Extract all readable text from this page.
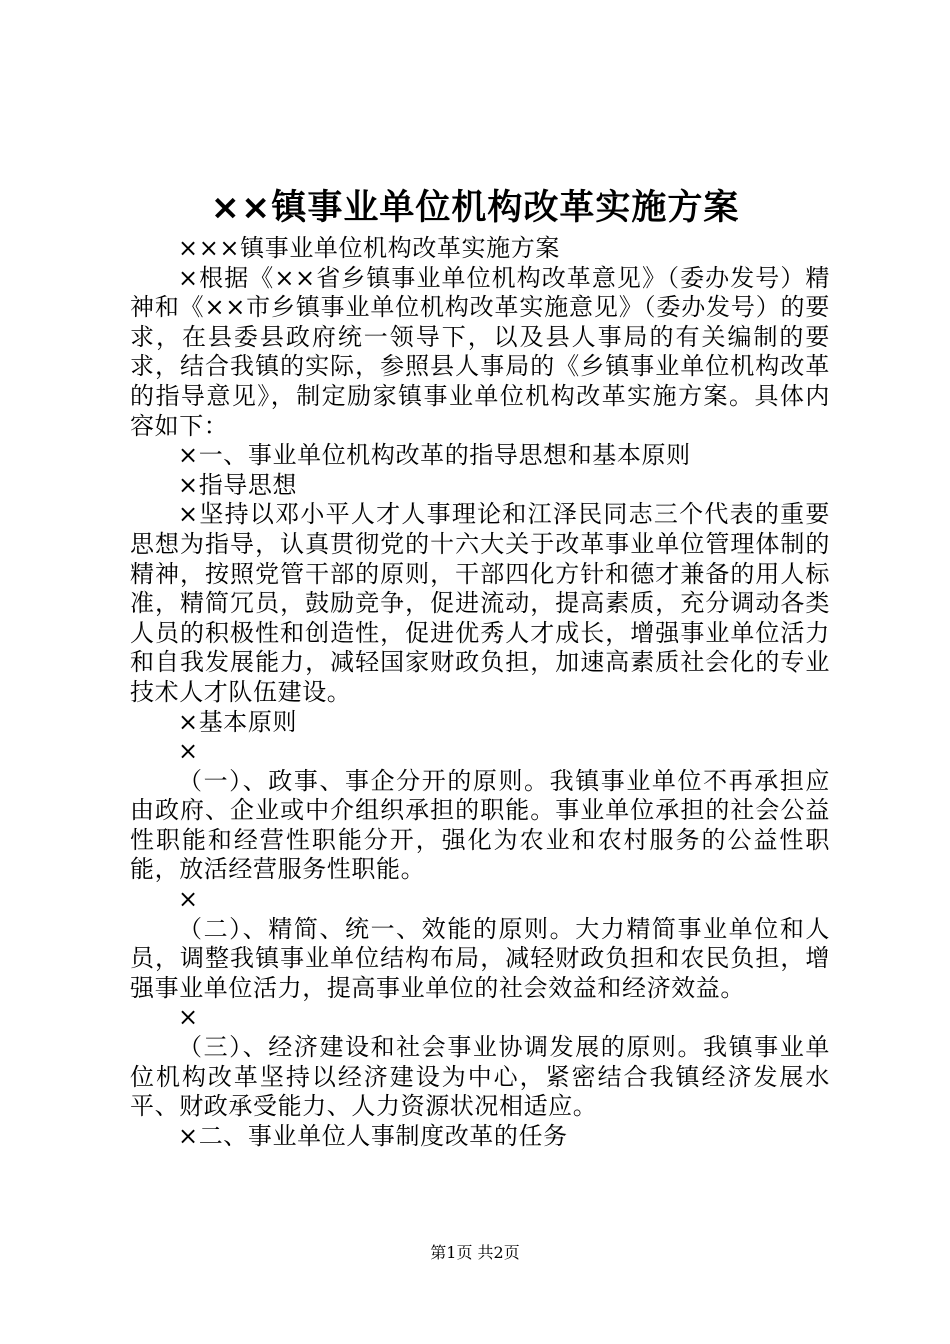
××镇事业单位机构改革实施方案

×××镇事业单位机构改革实施方案

×根据《××省乡镇事业单位机构改革意见》（委办发号）精神和《××市乡镇事业单位机构改革实施意见》（委办发号）的要求，在县委县政府统一领导下，以及县人事局的有关编制的要求，结合我镇的实际，参照县人事局的《乡镇事业单位机构改革的指导意见》，制定励家镇事业单位机构改革实施方案。具体内容如下：

×一、事业单位机构改革的指导思想和基本原则

×指导思想

×坚持以邓小平人才人事理论和江泽民同志三个代表的重要思想为指导，认真贯彻党的十六大关于改革事业单位管理体制的精神，按照党管干部的原则，干部四化方针和德才兼备的用人标准，精简冗员，鼓励竞争，促进流动，提高素质，充分调动各类人员的积极性和创造性，促进优秀人才成长，增强事业单位活力和自我发展能力，减轻国家财政负担，加速高素质社会化的专业技术人才队伍建设。

×基本原则

×

（一）、政事、事企分开的原则。我镇事业单位不再承担应由政府、企业或中介组织承担的职能。事业单位承担的社会公益性职能和经营性职能分开，强化为农业和农村服务的公益性职能，放活经营服务性职能。

×

（二）、精简、统一、效能的原则。大力精简事业单位和人员，调整我镇事业单位结构布局，减轻财政负担和农民负担，增强事业单位活力，提高事业单位的社会效益和经济效益。

×

（三）、经济建设和社会事业协调发展的原则。我镇事业单位机构改革坚持以经济建设为中心，紧密结合我镇经济发展水平、财政承受能力、人力资源状况相适应。

×二、事业单位人事制度改革的任务

第1页 共2页
